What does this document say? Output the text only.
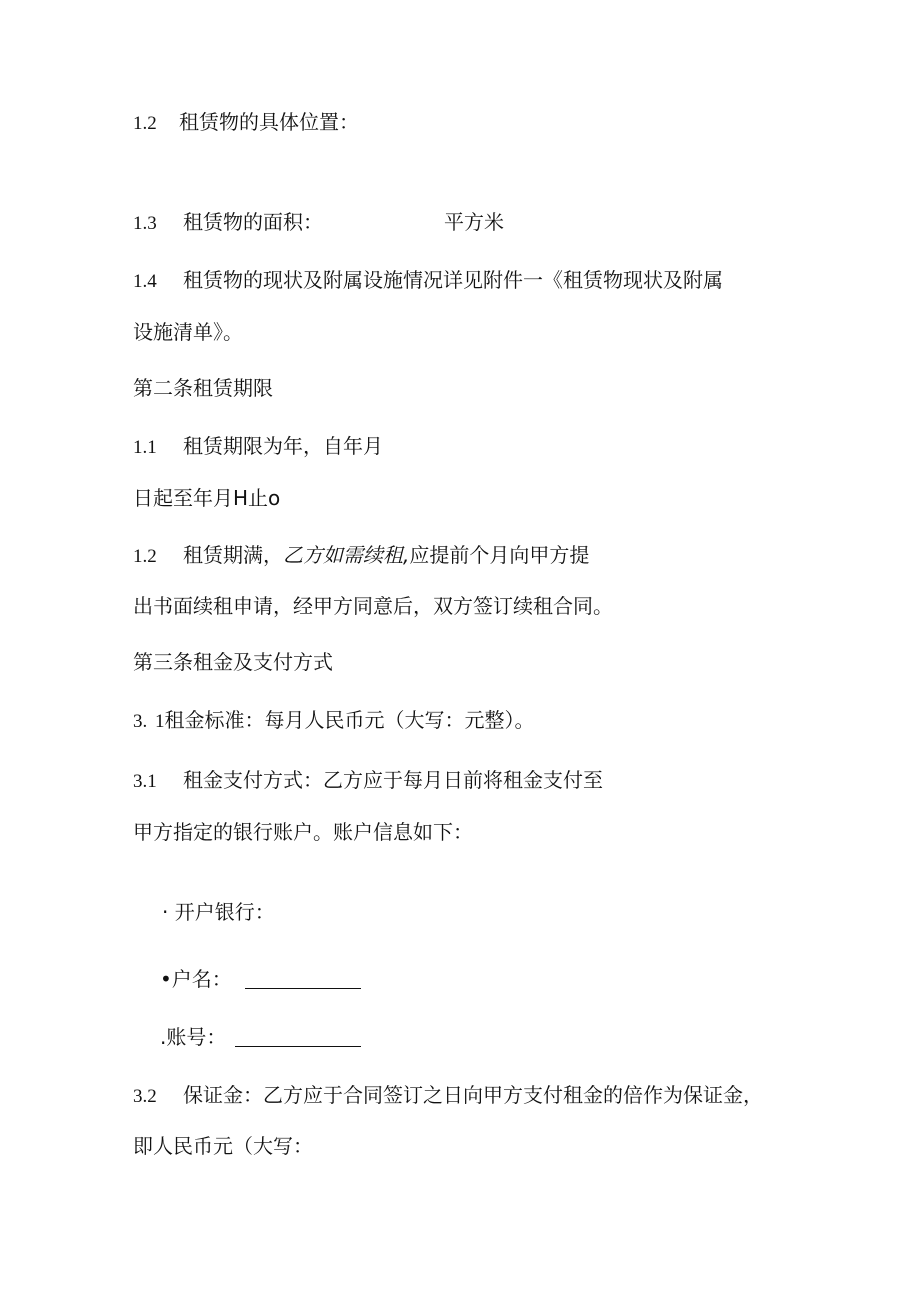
1.2 租赁物的具体位置：
1.3 租赁物的面积：	平方米
1.4 租赁物的现状及附属设施情况详见附件一《租赁物现状及附属
设施清单》。
第二条租赁期限
1.1 租赁期限为年，自年月
日起至年月H止o
1.2 租赁期满，乙方如需续租,应提前个月向甲方提
出书面续租申请，经甲方同意后，双方签订续租合同。
第三条租金及支付方式
3. 1租金标准：每月人民币元（大写：元整）。
3.1 租金支付方式：乙方应于每月日前将租金支付至
甲方指定的银行账户。账户信息如下：
· 开户银行：
•户名：
.账号：
3.2 保证金：乙方应于合同签订之日向甲方支付租金的倍作为保证金，
即人民币元（大写：
